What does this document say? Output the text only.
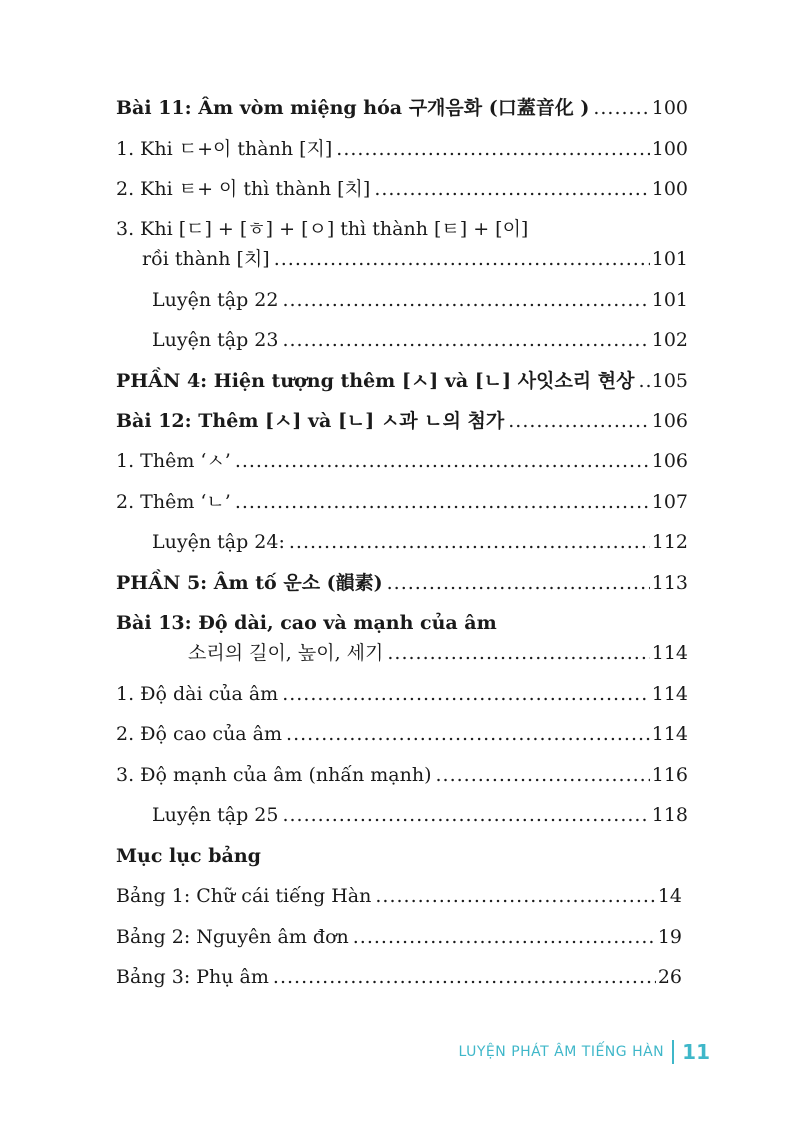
Bài 11: Âm vòm miệng hóa 구개음화 (口蓋音化 ) .....	100
1. Khi ㄷ+이 thành [지] .....	100
2. Khi ㅌ+ 이 thì thành [치] .....	100
3. Khi [ㄷ] + [ㅎ] + [ㅇ] thì thành [ㅌ] + [이]
rồi thành [치] .....	101
Luyện tập 22 .....	101
Luyện tập 23 .....	102
PHẦN 4: Hiện tượng thêm [ㅅ] và [ㄴ] 사잇소리 현상 ..... 105
Bài 12: Thêm [ㅅ] và [ㄴ] ㅅ과 ㄴ의 첨가 .....	106
1. Thêm ‘ㅅ’ .....	106
2. Thêm ‘ㄴ’ .....	107
Luyện tập 24: .....	112
PHẦN 5: Âm tố 운소 (韻素) .....	113
Bài 13: Độ dài, cao và mạnh của âm
소리의 길이, 높이, 세기 .....	114
1. Độ dài của âm .....	114
2. Độ cao của âm .....	114
3. Độ mạnh của âm (nhấn mạnh) .....	116
Luyện tập 25 .....	118
Mục lục bảng
Bảng 1: Chữ cái tiếng Hàn .....	14
Bảng 2: Nguyên âm đơn .....	19
Bảng 3: Phụ âm .....	26
LUYỆN PHÁT ÂM TIẾNG HÀN 11
